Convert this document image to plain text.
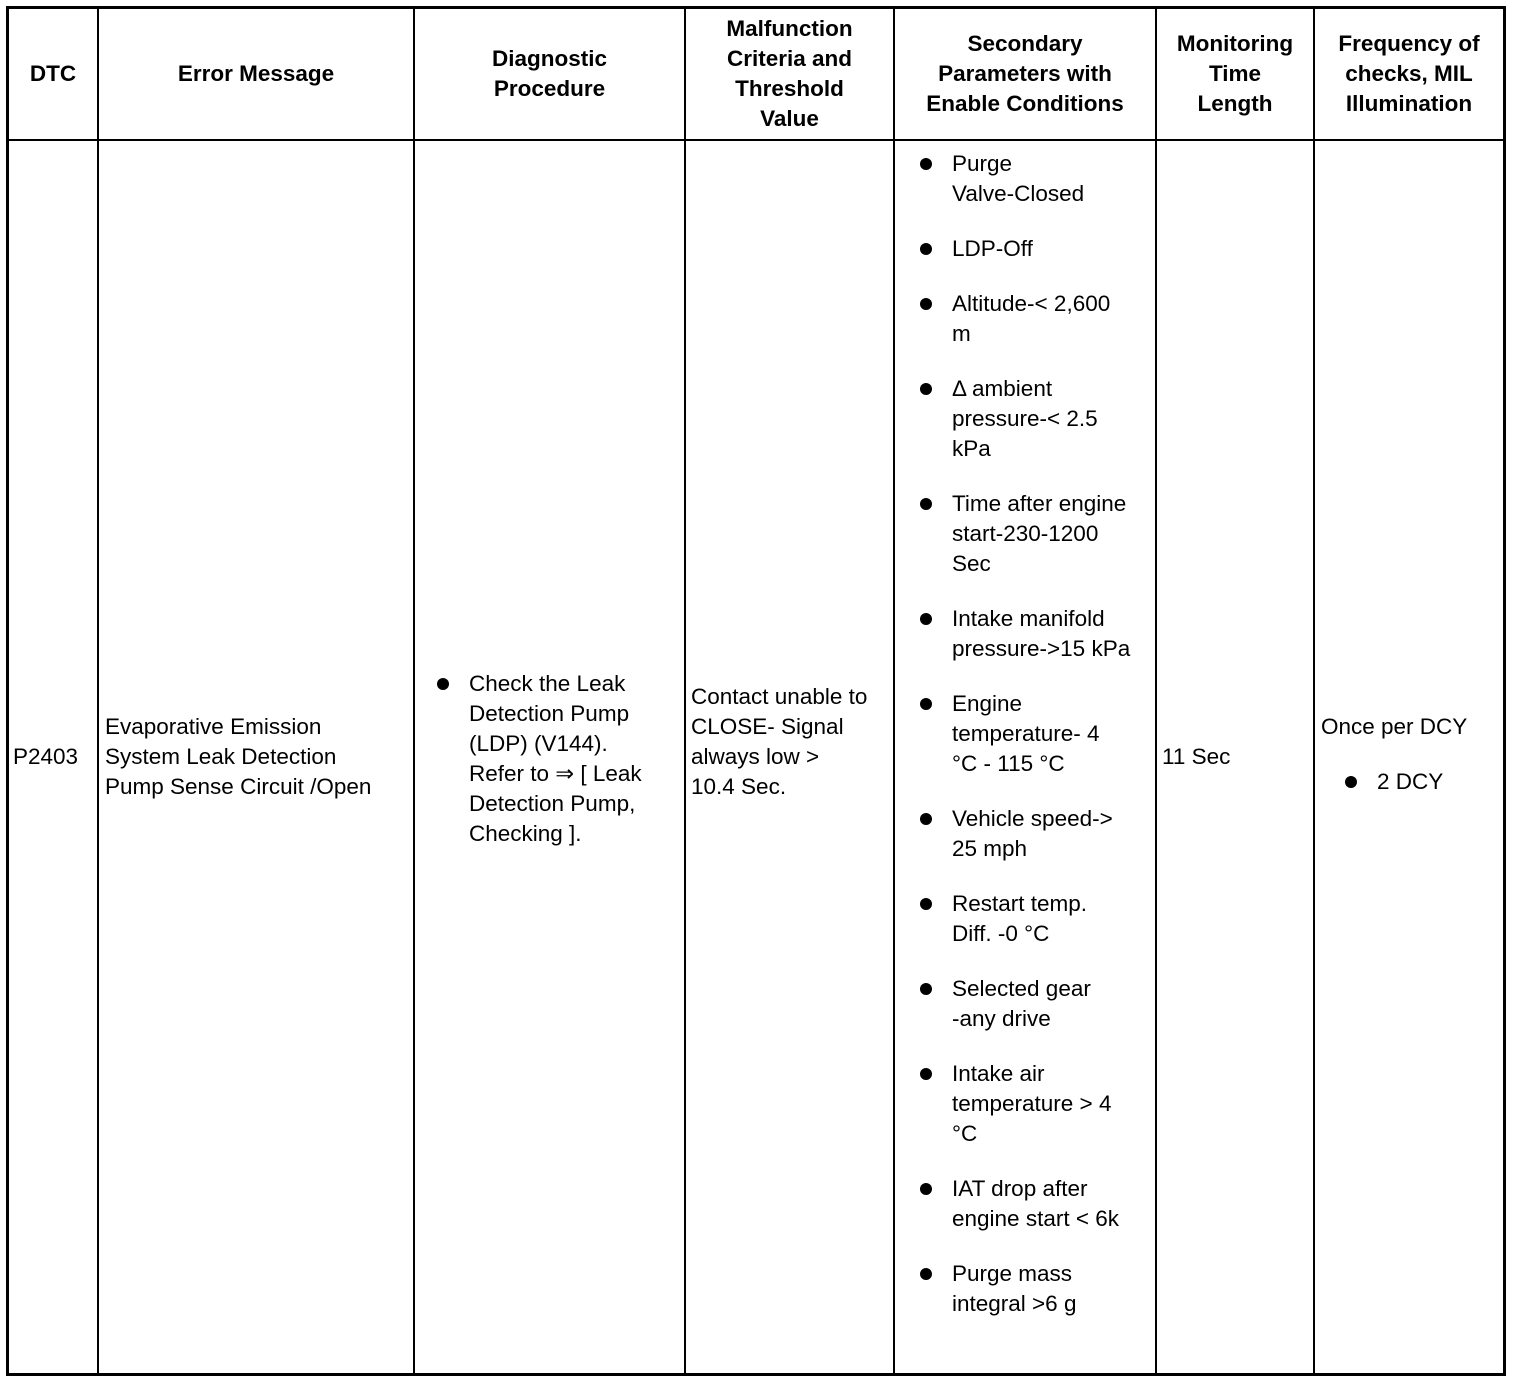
DTC	Error Message
Diagnostic
Procedure
Malfunction
Criteria and
Threshold
Value
Secondary
Parameters with
Enable Conditions
Monitoring
Time
Length
Frequency of
checks, MIL
Illumination
P2403
Evaporative Emission
System Leak Detection
Pump Sense Circuit /Open
Check the Leak
Detection Pump
(LDP) (V144).
Refer to ⇒ [ Leak
Detection Pump,
Checking ].
Contact unable to
CLOSE- Signal
always low >
10.4 Sec.
Purge
Valve-Closed
LDP-Off
Altitude-< 2,600
m
Δ ambient
pressure-< 2.5
kPa
Time after engine
start-230-1200
Sec
Intake manifold
pressure->15 kPa
Engine
temperature- 4
°C - 115 °C
Vehicle speed->
25 mph
Restart temp.
Diff. -0 °C
Selected gear
-any drive
Intake air
temperature > 4
°C
IAT drop after
engine start < 6k
Purge mass
integral >6 g
11 Sec
Once per DCY
2 DCY
